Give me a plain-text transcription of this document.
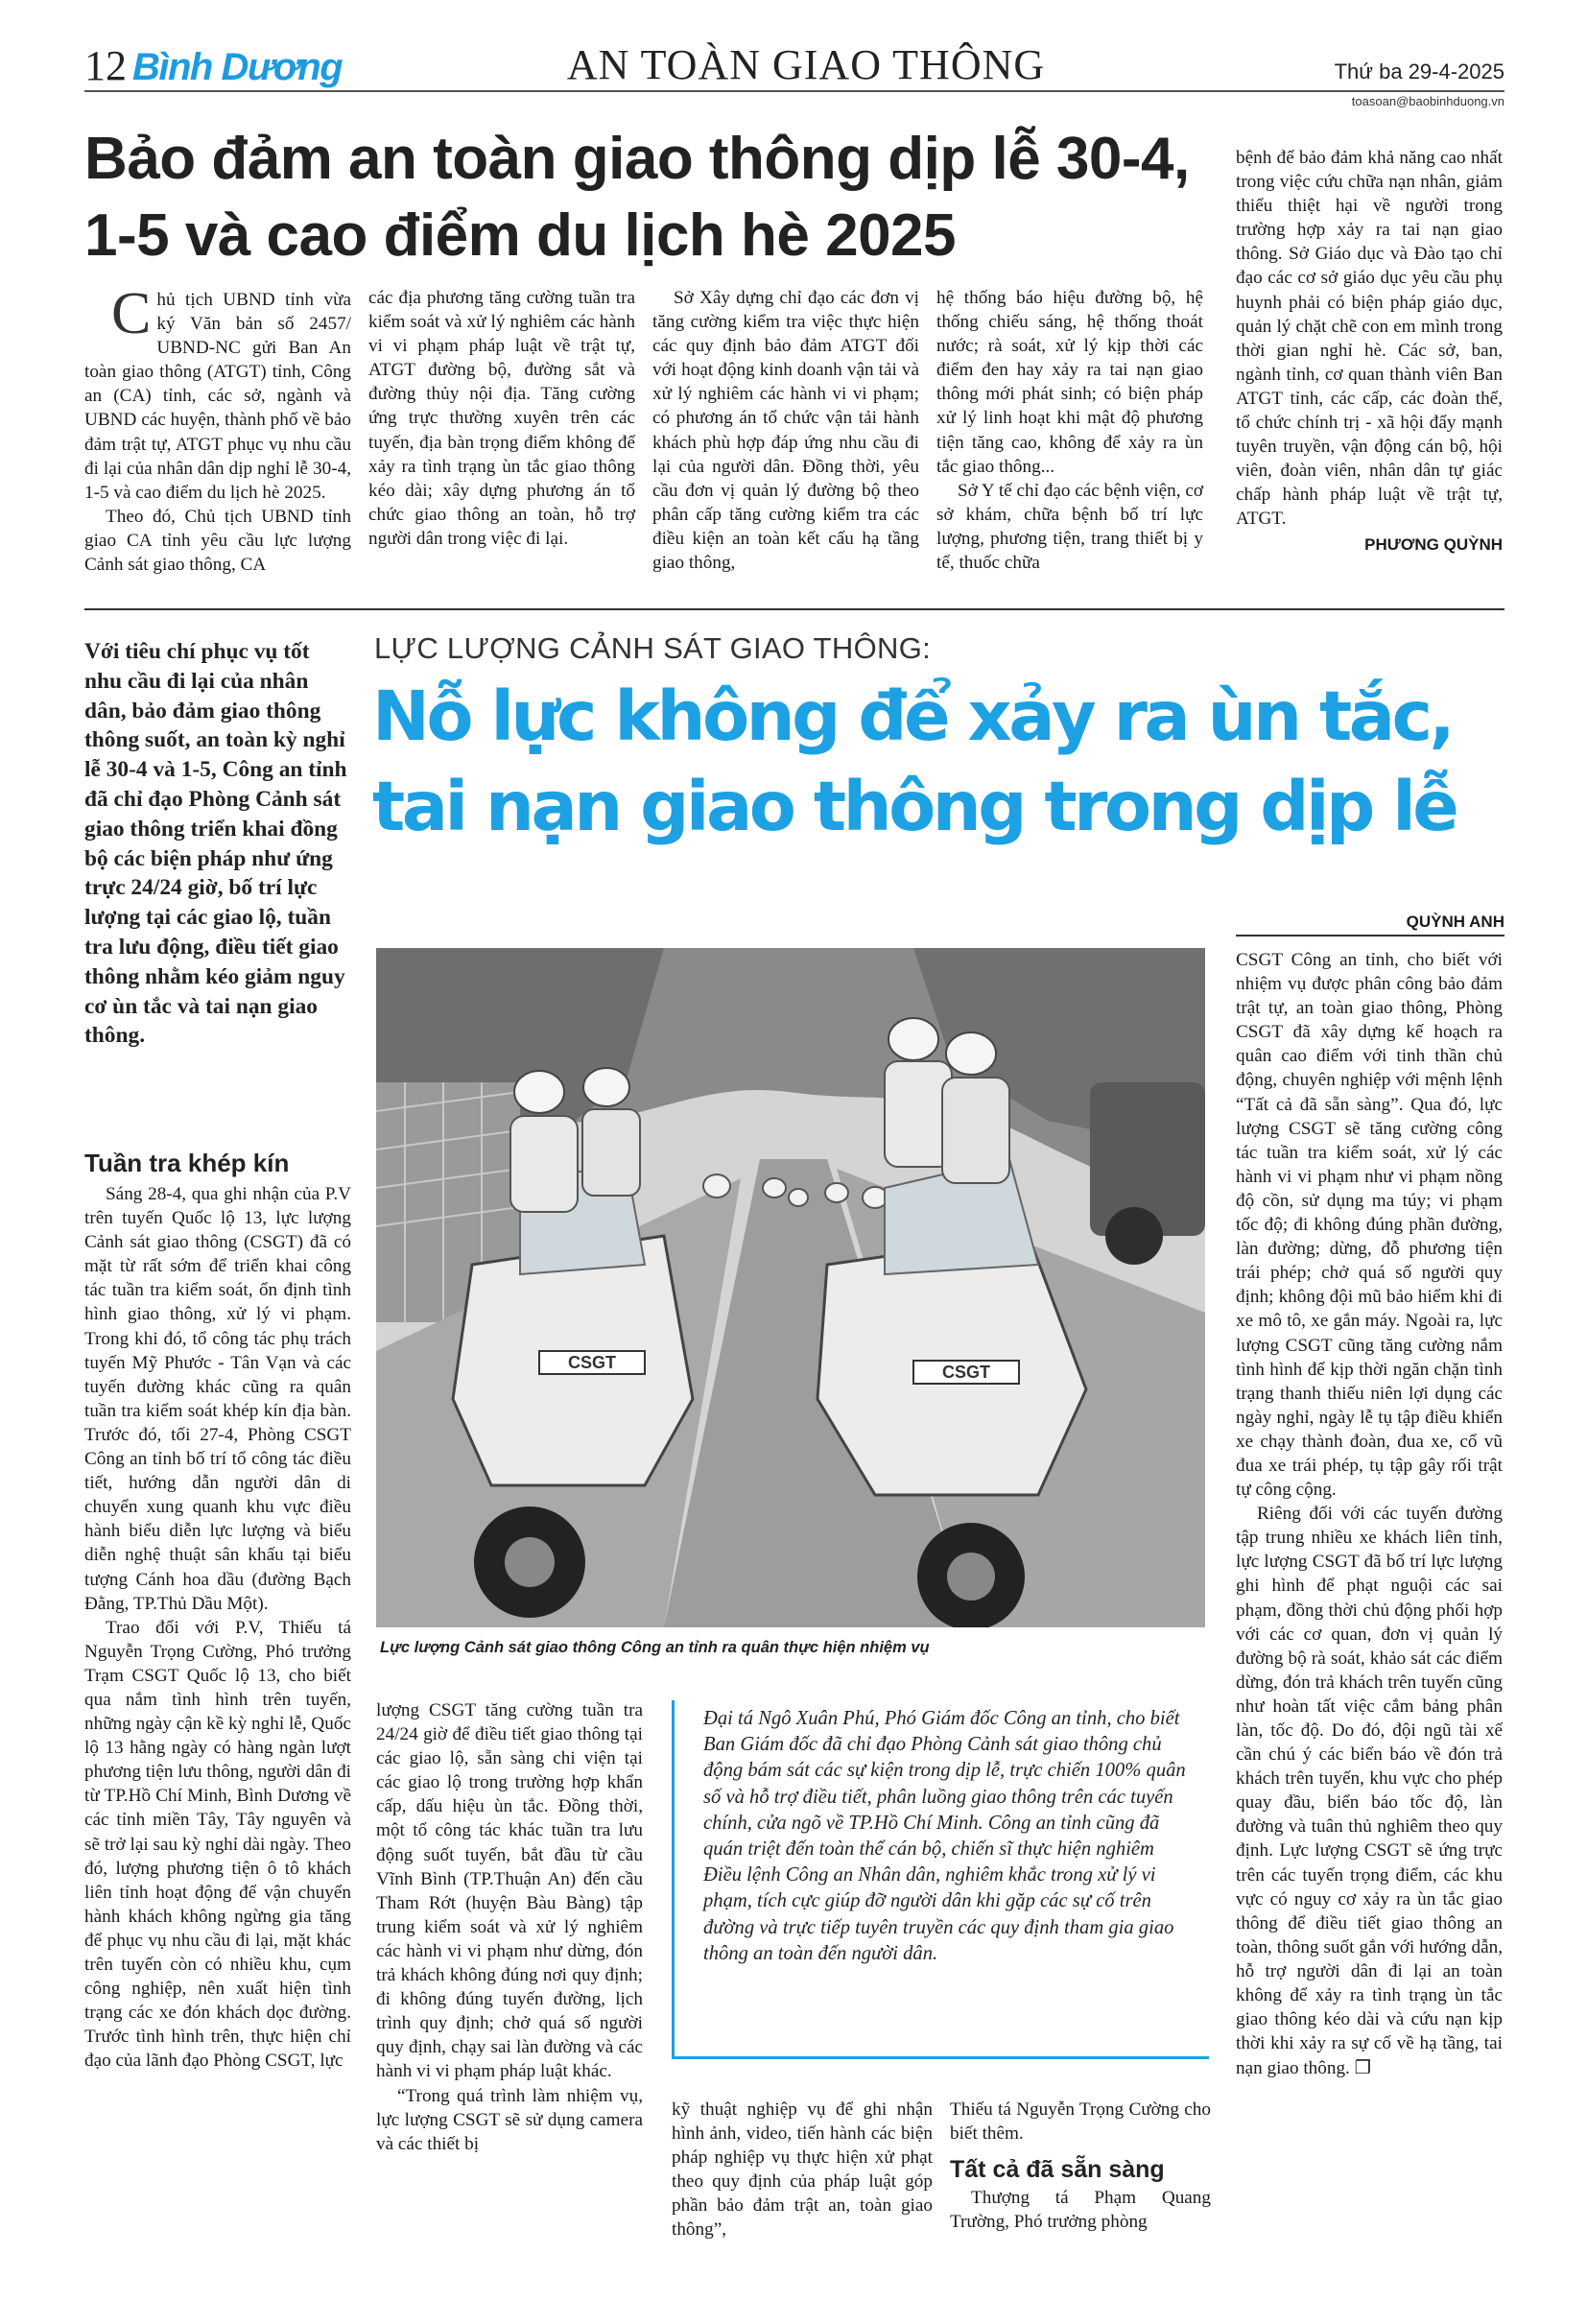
12 Bình Dương	AN TOÀN GIAO THÔNG	Thứ ba 29-4-2025
toasoan@baobinhduong.vn
Bảo đảm an toàn giao thông dịp lễ 30-4,
1-5 và cao điểm du lịch hè 2025

C hủ tịch UBND tỉnh vừa ký Văn bản số 2457/ UBND-NC gửi Ban An toàn giao thông (ATGT) tỉnh, Công an (CA) tỉnh, các sở, ngành và UBND các huyện, thành phố về bảo đảm trật tự, ATGT phục vụ nhu cầu đi lại của nhân dân dịp nghỉ lễ 30-4, 1-5 và cao điểm du lịch hè 2025.

Theo đó, Chủ tịch UBND tỉnh giao CA tỉnh yêu cầu lực lượng Cảnh sát giao thông, CA

các địa phương tăng cường tuần tra kiểm soát và xử lý nghiêm các hành vi vi phạm pháp luật về trật tự, ATGT đường bộ, đường sắt và đường thủy nội địa. Tăng cường ứng trực thường xuyên trên các tuyến, địa bàn trọng điểm không để xảy ra tình trạng ùn tắc giao thông kéo dài; xây dựng phương án tổ chức giao thông an toàn, hỗ trợ người dân trong việc đi lại.

Sở Xây dựng chỉ đạo các đơn vị tăng cường kiểm tra việc thực hiện các quy định bảo đảm ATGT đối với hoạt động kinh doanh vận tải và xử lý nghiêm các hành vi vi phạm; có phương án tổ chức vận tải hành khách phù hợp đáp ứng nhu cầu đi lại của người dân. Đồng thời, yêu cầu đơn vị quản lý đường bộ theo phân cấp tăng cường kiểm tra các điều kiện an toàn kết cấu hạ tầng giao thông,

hệ thống báo hiệu đường bộ, hệ thống chiếu sáng, hệ thống thoát nước; rà soát, xử lý kịp thời các điểm đen hay xảy ra tai nạn giao thông mới phát sinh; có biện pháp xử lý linh hoạt khi mật độ phương tiện tăng cao, không để xảy ra ùn tắc giao thông...

Sở Y tế chỉ đạo các bệnh viện, cơ sở khám, chữa bệnh bố trí lực lượng, phương tiện, trang thiết bị y tế, thuốc chữa

bệnh để bảo đảm khả năng cao nhất trong việc cứu chữa nạn nhân, giảm thiểu thiệt hại về người trong trường hợp xảy ra tai nạn giao thông. Sở Giáo dục và Đào tạo chỉ đạo các cơ sở giáo dục yêu cầu phụ huynh phải có biện pháp giáo dục, quản lý chặt chẽ con em mình trong thời gian nghỉ hè. Các sở, ban, ngành tỉnh, cơ quan thành viên Ban ATGT tỉnh, các cấp, các đoàn thể, tổ chức chính trị - xã hội đẩy mạnh tuyên truyền, vận động cán bộ, hội viên, đoàn viên, nhân dân tự giác chấp hành pháp luật về trật tự, ATGT.

PHƯƠNG QUỲNH
Với tiêu chí phục vụ tốt nhu cầu đi lại của nhân dân, bảo đảm giao thông thông suốt, an toàn kỳ nghỉ lễ 30-4 và 1-5, Công an tỉnh đã chỉ đạo Phòng Cảnh sát giao thông triển khai đồng bộ các biện pháp như ứng trực 24/24 giờ, bố trí lực lượng tại các giao lộ, tuần tra lưu động, điều tiết giao thông nhằm kéo giảm nguy cơ ùn tắc và tai nạn giao thông.
LỰC LƯỢNG CẢNH SÁT GIAO THÔNG:
Nỗ lực không để xảy ra ùn tắc,
tai nạn giao thông trong dịp lễ
QUỲNH ANH
Tuần tra khép kín

Sáng 28-4, qua ghi nhận của P.V trên tuyến Quốc lộ 13, lực lượng Cảnh sát giao thông (CSGT) đã có mặt từ rất sớm để triển khai công tác tuần tra kiểm soát, ổn định tình hình giao thông, xử lý vi phạm. Trong khi đó, tổ công tác phụ trách tuyến Mỹ Phước - Tân Vạn và các tuyến đường khác cũng ra quân tuần tra kiểm soát khép kín địa bàn. Trước đó, tối 27-4, Phòng CSGT Công an tỉnh bố trí tổ công tác điều tiết, hướng dẫn người dân di chuyển xung quanh khu vực điều hành biểu diễn lực lượng và biểu diễn nghệ thuật sân khấu tại biểu tượng Cánh hoa dầu (đường Bạch Đằng, TP.Thủ Dầu Một).

Trao đổi với P.V, Thiếu tá Nguyễn Trọng Cường, Phó trưởng Trạm CSGT Quốc lộ 13, cho biết qua nắm tình hình trên tuyến, những ngày cận kề kỳ nghỉ lễ, Quốc lộ 13 hằng ngày có hàng ngàn lượt phương tiện lưu thông, người dân đi từ TP.Hồ Chí Minh, Bình Dương về các tỉnh miền Tây, Tây nguyên và sẽ trở lại sau kỳ nghỉ dài ngày. Theo đó, lượng phương tiện ô tô khách liên tỉnh hoạt động để vận chuyển hành khách không ngừng gia tăng để phục vụ nhu cầu đi lại, mặt khác trên tuyến còn có nhiều khu, cụm công nghiệp, nên xuất hiện tình trạng các xe đón khách dọc đường. Trước tình hình trên, thực hiện chỉ đạo của lãnh đạo Phòng CSGT, lực

CSGT	CSGT
Lực lượng Cảnh sát giao thông Công an tỉnh ra quân thực hiện nhiệm vụ

lượng CSGT tăng cường tuần tra 24/24 giờ để điều tiết giao thông tại các giao lộ, sẵn sàng chi viện tại các giao lộ trong trường hợp khẩn cấp, dấu hiệu ùn tắc. Đồng thời, một tổ công tác khác tuần tra lưu động suốt tuyến, bắt đầu từ cầu Vĩnh Bình (TP.Thuận An) đến cầu Tham Rớt (huyện Bàu Bàng) tập trung kiểm soát và xử lý nghiêm các hành vi vi phạm như dừng, đón trả khách không đúng nơi quy định; đi không đúng tuyến đường, lịch trình quy định; chở quá số người quy định, chạy sai làn đường và các hành vi vi phạm pháp luật khác.

“Trong quá trình làm nhiệm vụ, lực lượng CSGT sẽ sử dụng camera và các thiết bị

Đại tá Ngô Xuân Phú, Phó Giám đốc Công an tỉnh, cho biết Ban Giám đốc đã chỉ đạo Phòng Cảnh sát giao thông chủ động bám sát các sự kiện trong dịp lễ, trực chiến 100% quân số và hỗ trợ điều tiết, phân luồng giao thông trên các tuyến chính, cửa ngõ về TP.Hồ Chí Minh. Công an tỉnh cũng đã quán triệt đến toàn thể cán bộ, chiến sĩ thực hiện nghiêm Điều lệnh Công an Nhân dân, nghiêm khắc trong xử lý vi phạm, tích cực giúp đỡ người dân khi gặp các sự cố trên đường và trực tiếp tuyên truyền các quy định tham gia giao thông an toàn đến người dân.

kỹ thuật nghiệp vụ để ghi nhận hình ảnh, video, tiến hành các biện pháp nghiệp vụ thực hiện xử phạt theo quy định của pháp luật góp phần bảo đảm trật an, toàn giao thông”,

Thiếu tá Nguyễn Trọng Cường cho biết thêm.

Tất cả đã sẵn sàng

Thượng tá Phạm Quang Trường, Phó trưởng phòng

CSGT Công an tỉnh, cho biết với nhiệm vụ được phân công bảo đảm trật tự, an toàn giao thông, Phòng CSGT đã xây dựng kế hoạch ra quân cao điểm với tinh thần chủ động, chuyên nghiệp với mệnh lệnh “Tất cả đã sẵn sàng”. Qua đó, lực lượng CSGT sẽ tăng cường công tác tuần tra kiểm soát, xử lý các hành vi vi phạm như vi phạm nồng độ cồn, sử dụng ma túy; vi phạm tốc độ; đi không đúng phần đường, làn đường; dừng, đỗ phương tiện trái phép; chở quá số người quy định; không đội mũ bảo hiểm khi đi xe mô tô, xe gắn máy. Ngoài ra, lực lượng CSGT cũng tăng cường nắm tình hình để kịp thời ngăn chặn tình trạng thanh thiếu niên lợi dụng các ngày nghỉ, ngày lễ tụ tập điều khiển xe chạy thành đoàn, đua xe, cổ vũ đua xe trái phép, tụ tập gây rối trật tự công cộng.

Riêng đối với các tuyến đường tập trung nhiều xe khách liên tỉnh, lực lượng CSGT đã bố trí lực lượng ghi hình để phạt nguội các sai phạm, đồng thời chủ động phối hợp với các cơ quan, đơn vị quản lý đường bộ rà soát, khảo sát các điểm dừng, đón trả khách trên tuyến cũng như hoàn tất việc cắm bảng phân làn, tốc độ. Do đó, đội ngũ tài xế cần chú ý các biển báo về đón trả khách trên tuyến, khu vực cho phép quay đầu, biển báo tốc độ, làn đường và tuân thủ nghiêm theo quy định. Lực lượng CSGT sẽ ứng trực trên các tuyến trọng điểm, các khu vực có nguy cơ xảy ra ùn tắc giao thông để điều tiết giao thông an toàn, thông suốt gắn với hướng dẫn, hỗ trợ người dân đi lại an toàn không để xảy ra tình trạng ùn tắc giao thông kéo dài và cứu nạn kịp thời khi xảy ra sự cố về hạ tầng, tai nạn giao thông. ❐
